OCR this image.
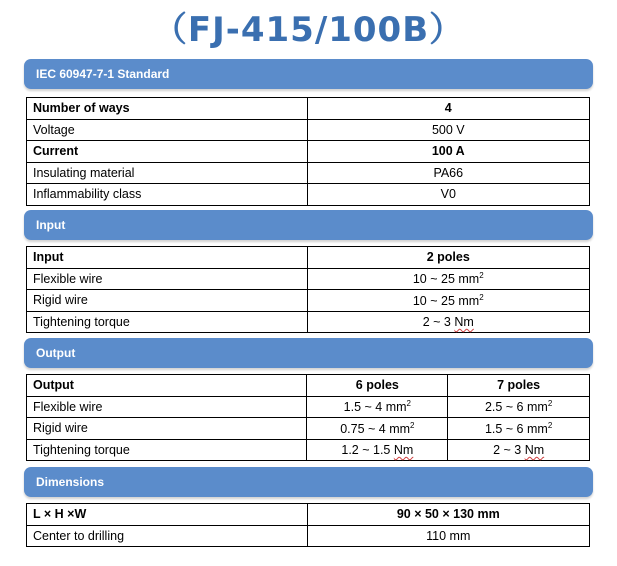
（FJ-415/100B）
IEC 60947-7-1 Standard
Number of ways	4
Voltage	500 V
Current	100 A
Insulating material	PA66
Inflammability class	V0
Input
Input	2 poles
Flexible wire	10 ~ 25 $mm^2$
Rigid wire	10 ~ 25 $mm^2$
Tightening torque	2 ~ 3 Nm
Output
Output	6 poles	7 poles
Flexible wire	1.5 ~ 4 $mm^2$	2.5 ~ 6 $mm^2$
Rigid wire	0.75 ~ 4 $mm^2$	1.5 ~ 6 $mm^2$
Tightening torque	1.2 ~ 1.5 Nm	2 ~ 3 Nm
Dimensions
L × H ×W	90 × 50 × 130 mm
Center to drilling	110 mm
